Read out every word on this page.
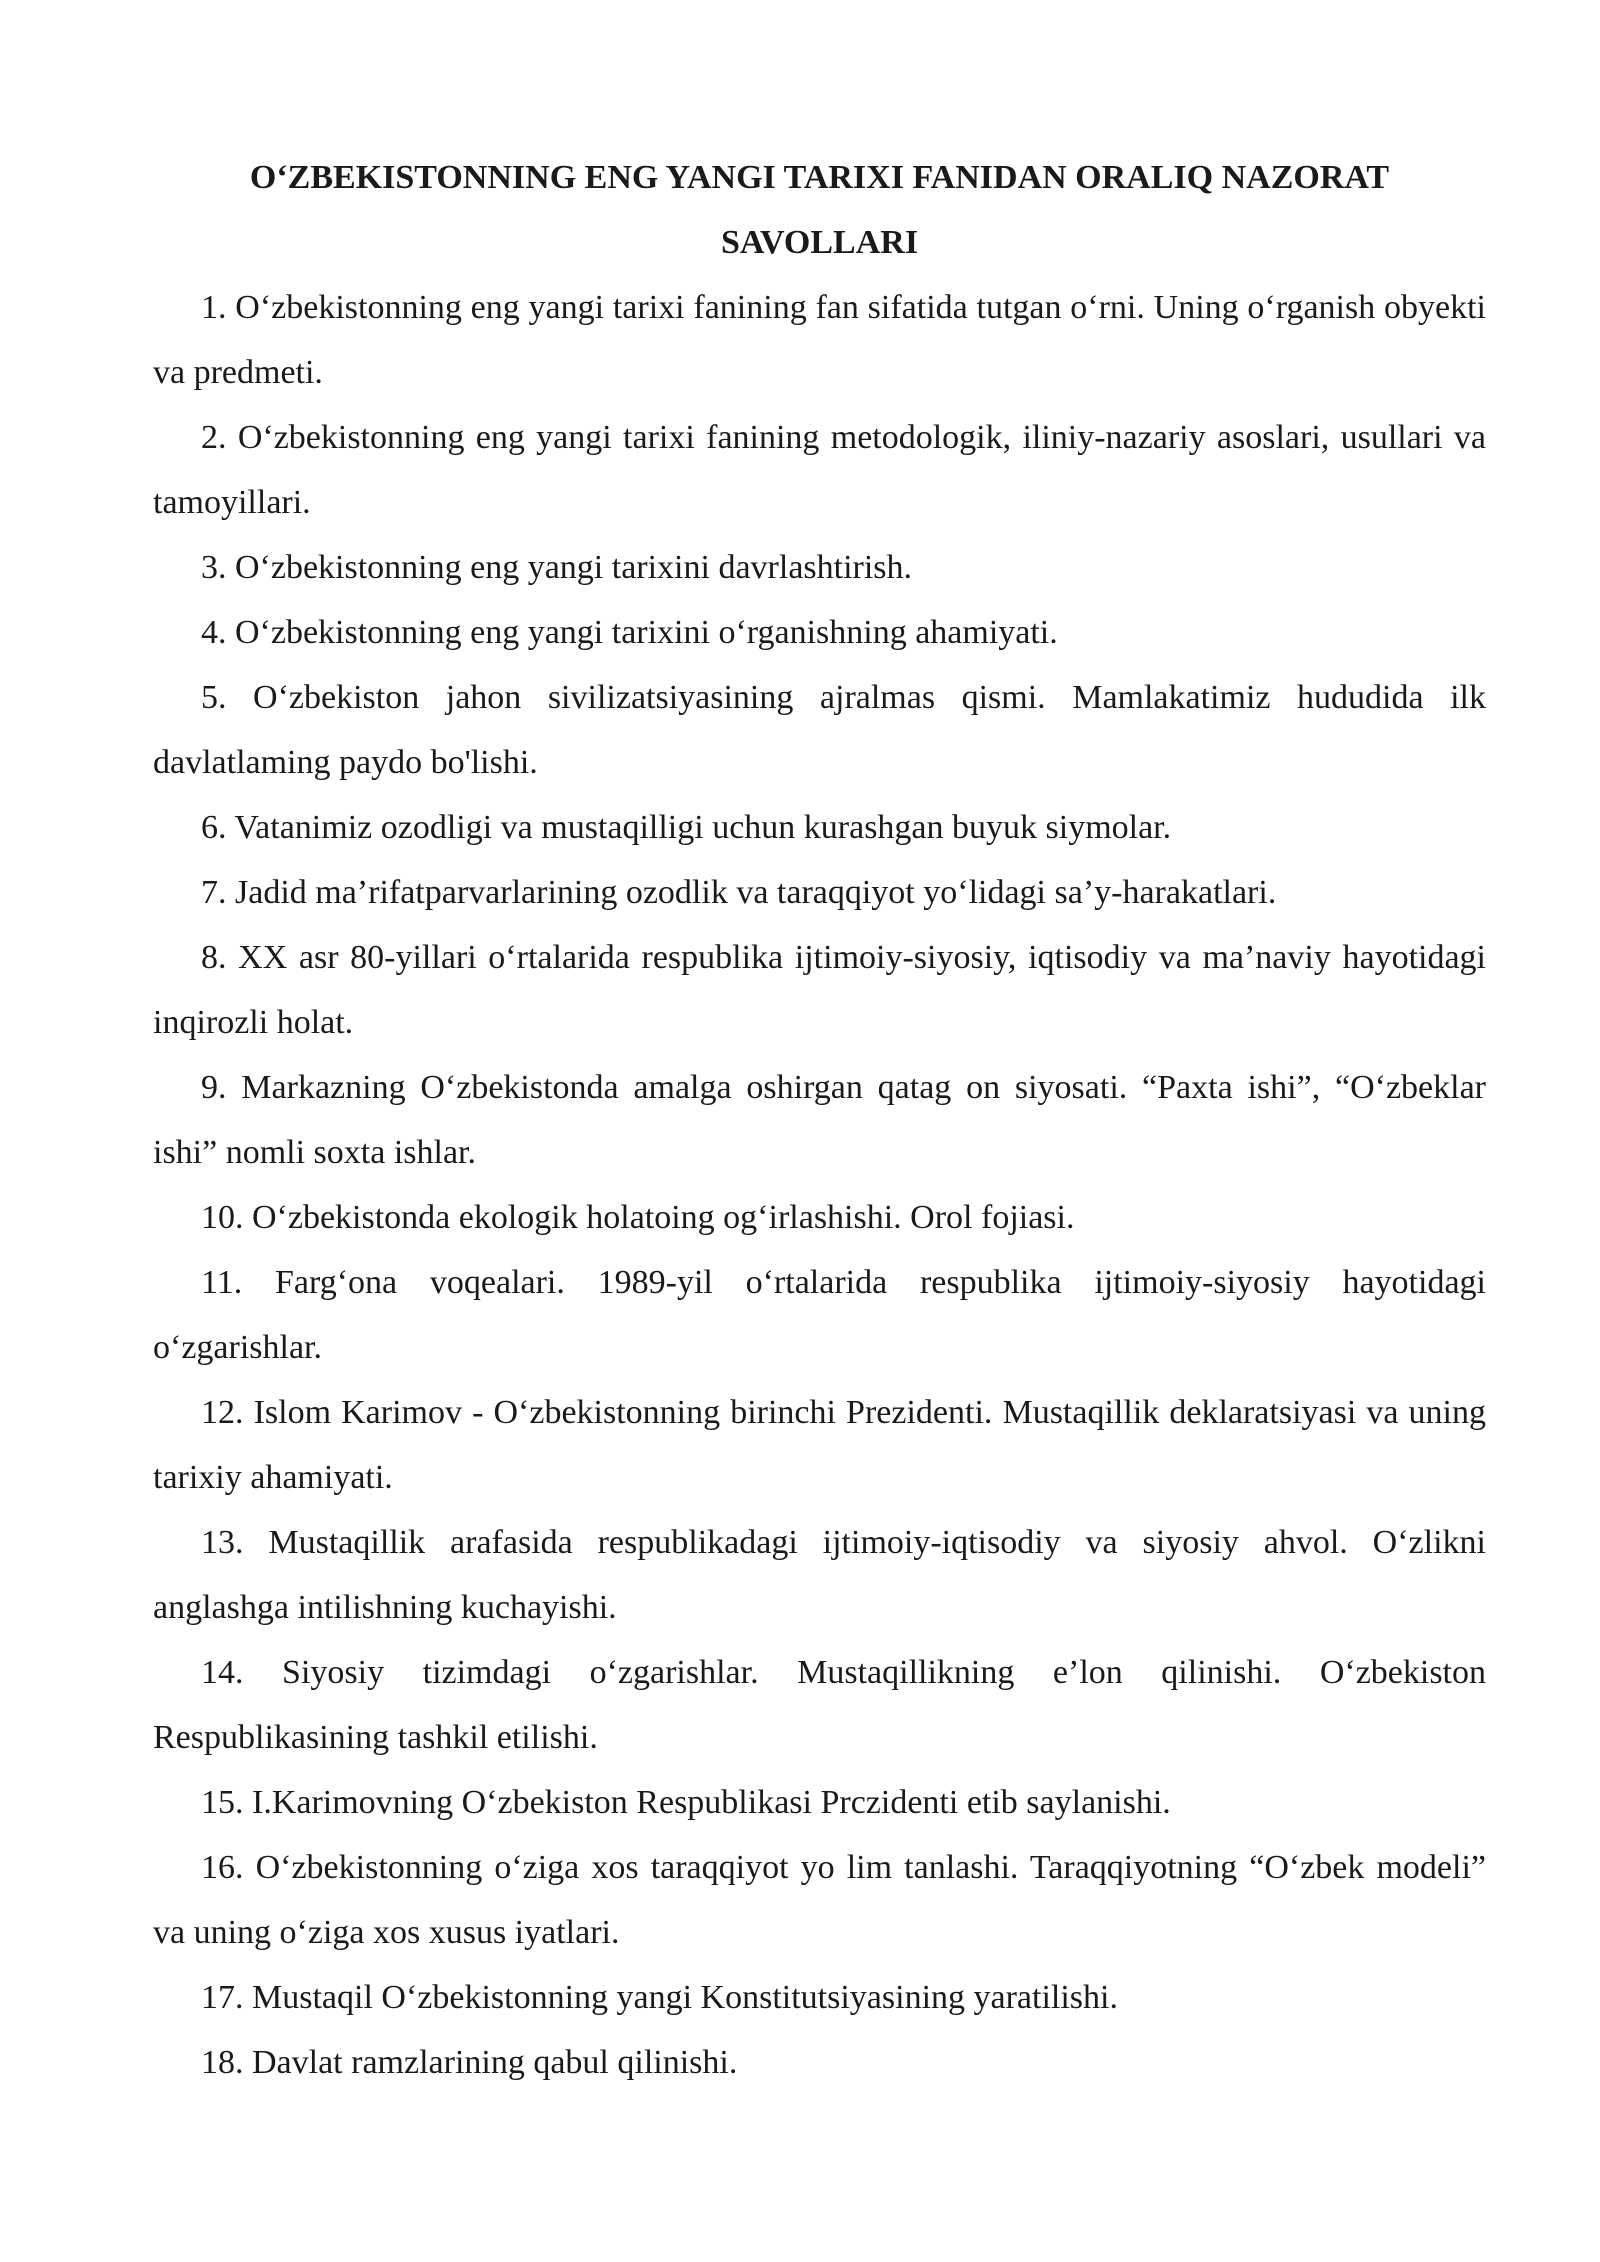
O‘ZBEKISTONNING ENG YANGI TARIXI FANIDAN ORALIQ NAZORAT SAVOLLARI
1. O‘zbekistonning eng yangi tarixi fanining fan sifatida tutgan o‘rni. Uning o‘rganish obyekti va predmeti.
2. O‘zbekistonning eng yangi tarixi fanining metodologik, iliniy-nazariy asoslari, usullari va tamoyillari.
3. O‘zbekistonning eng yangi tarixini davrlashtirish.
4. O‘zbekistonning eng yangi tarixini o‘rganishning ahamiyati.
5. O‘zbekiston jahon sivilizatsiyasining ajralmas qismi. Mamlakatimiz hududida ilk davlatlaming paydo bo'lishi.
6. Vatanimiz ozodligi va mustaqilligi uchun kurashgan buyuk siymolar.
7. Jadid ma’rifatparvarlarining ozodlik va taraqqiyot yo‘lidagi sa’y-harakatlari.
8. XX asr 80-yillari o‘rtalarida respublika ijtimoiy-siyosiy, iqtisodiy va ma’naviy hayotidagi inqirozli holat.
9. Markazning O‘zbekistonda amalga oshirgan qatag on siyosati. “Paxta ishi”, “O‘zbeklar ishi” nomli soxta ishlar.
10. O‘zbekistonda ekologik holatoing og‘irlashishi. Orol fojiasi.
11. Farg‘ona voqealari. 1989-yil o‘rtalarida respublika ijtimoiy-siyosiy hayotidagi o‘zgarishlar.
12. Islom Karimov - O‘zbekistonning birinchi Prezidenti. Mustaqillik deklaratsiyasi va uning tarixiy ahamiyati.
13. Mustaqillik arafasida respublikadagi ijtimoiy-iqtisodiy va siyosiy ahvol. O‘zlikni anglashga intilishning kuchayishi.
14. Siyosiy tizimdagi o‘zgarishlar. Mustaqillikning e’lon qilinishi. O‘zbekiston Respublikasining tashkil etilishi.
15. I.Karimovning O‘zbekiston Respublikasi Prczidenti etib saylanishi.
16. O‘zbekistonning o‘ziga xos taraqqiyot yo lim tanlashi. Taraqqiyotning “O‘zbek modeli” va uning o‘ziga xos xusus iyatlari.
17. Mustaqil O‘zbekistonning yangi Konstitutsiyasining yaratilishi.
18. Davlat ramzlarining qabul qilinishi.
